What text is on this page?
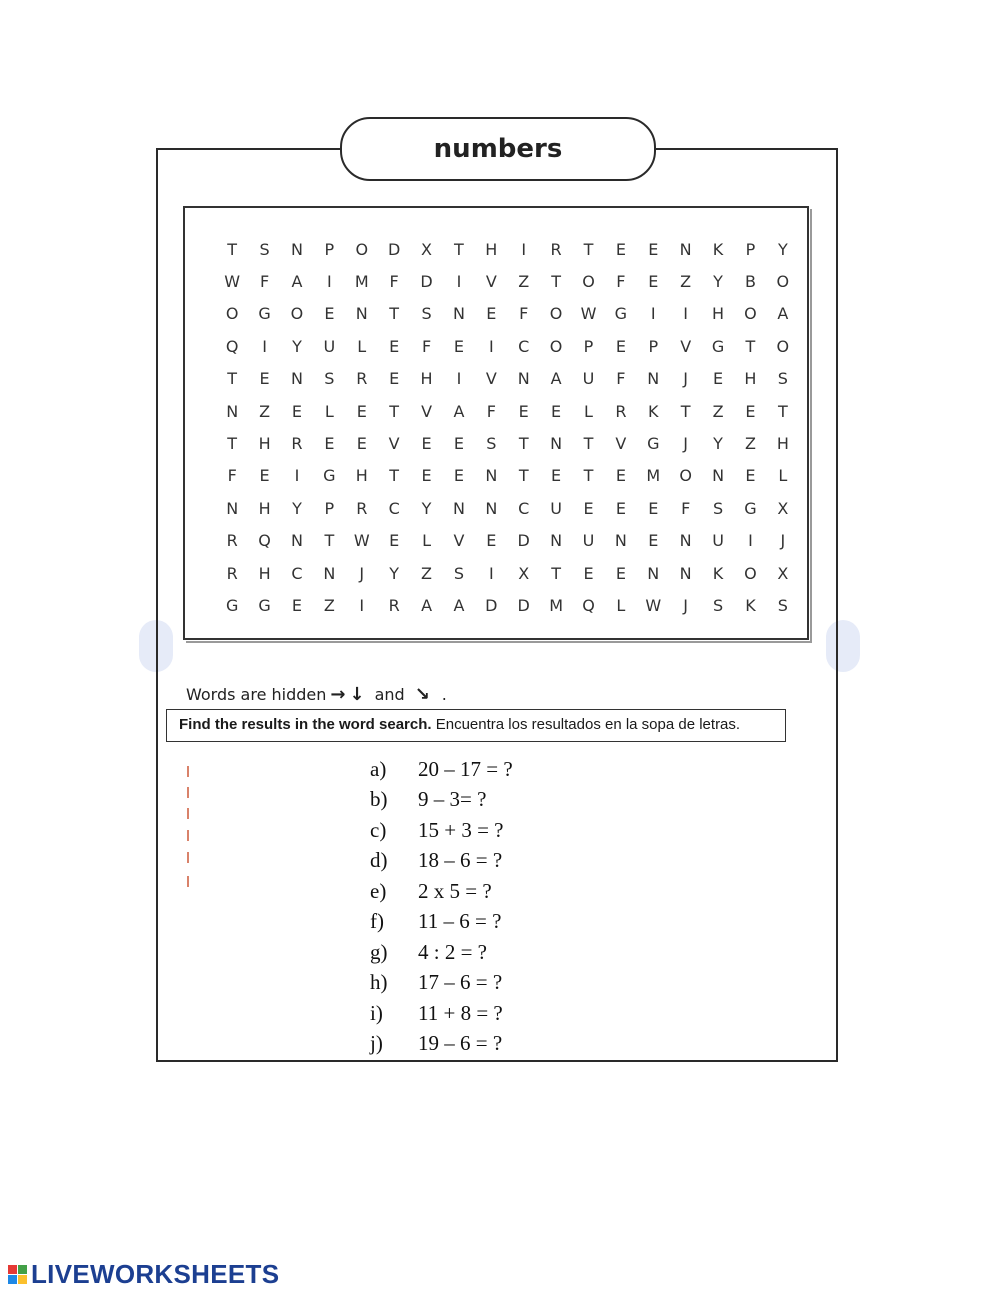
numbers
T	S	N	P	O	D	X	T	H	I	R	T	E	E	N	K	P	Y
W	F	A	I	M	F	D	I	V	Z	T	O	F	E	Z	Y	B	O
O	G	O	E	N	T	S	N	E	F	O	W	G	I	I	H	O	A
Q	I	Y	U	L	E	F	E	I	C	O	P	E	P	V	G	T	O
T	E	N	S	R	E	H	I	V	N	A	U	F	N	J	E	H	S
N	Z	E	L	E	T	V	A	F	E	E	L	R	K	T	Z	E	T
T	H	R	E	E	V	E	E	S	T	N	T	V	G	J	Y	Z	H
F	E	I	G	H	T	E	E	N	T	E	T	E	M	O	N	E	L
N	H	Y	P	R	C	Y	N	N	C	U	E	E	E	F	S	G	X
R	Q	N	T	W	E	L	V	E	D	N	U	N	E	N	U	I	J
R	H	C	N	J	Y	Z	S	I	X	T	E	E	N	N	K	O	X
G	G	E	Z	I	R	A	A	D	D	M	Q	L	W	J	S	K	S
Words are hidden → ↓ and ↘ .
Find the results in the word search. Encuentra los resultados en la sopa de letras.
a)	20 – 17 = ?
b)	9 – 3= ?
c)	15 + 3 = ?
d)	18 – 6 = ?
e)	2 x 5 = ?
f)	11 – 6 = ?
g)	4 : 2 = ?
h)	17 – 6 = ?
i)	11 + 8 = ?
j)	19 – 6 = ?
LIVEWORKSHEETS
